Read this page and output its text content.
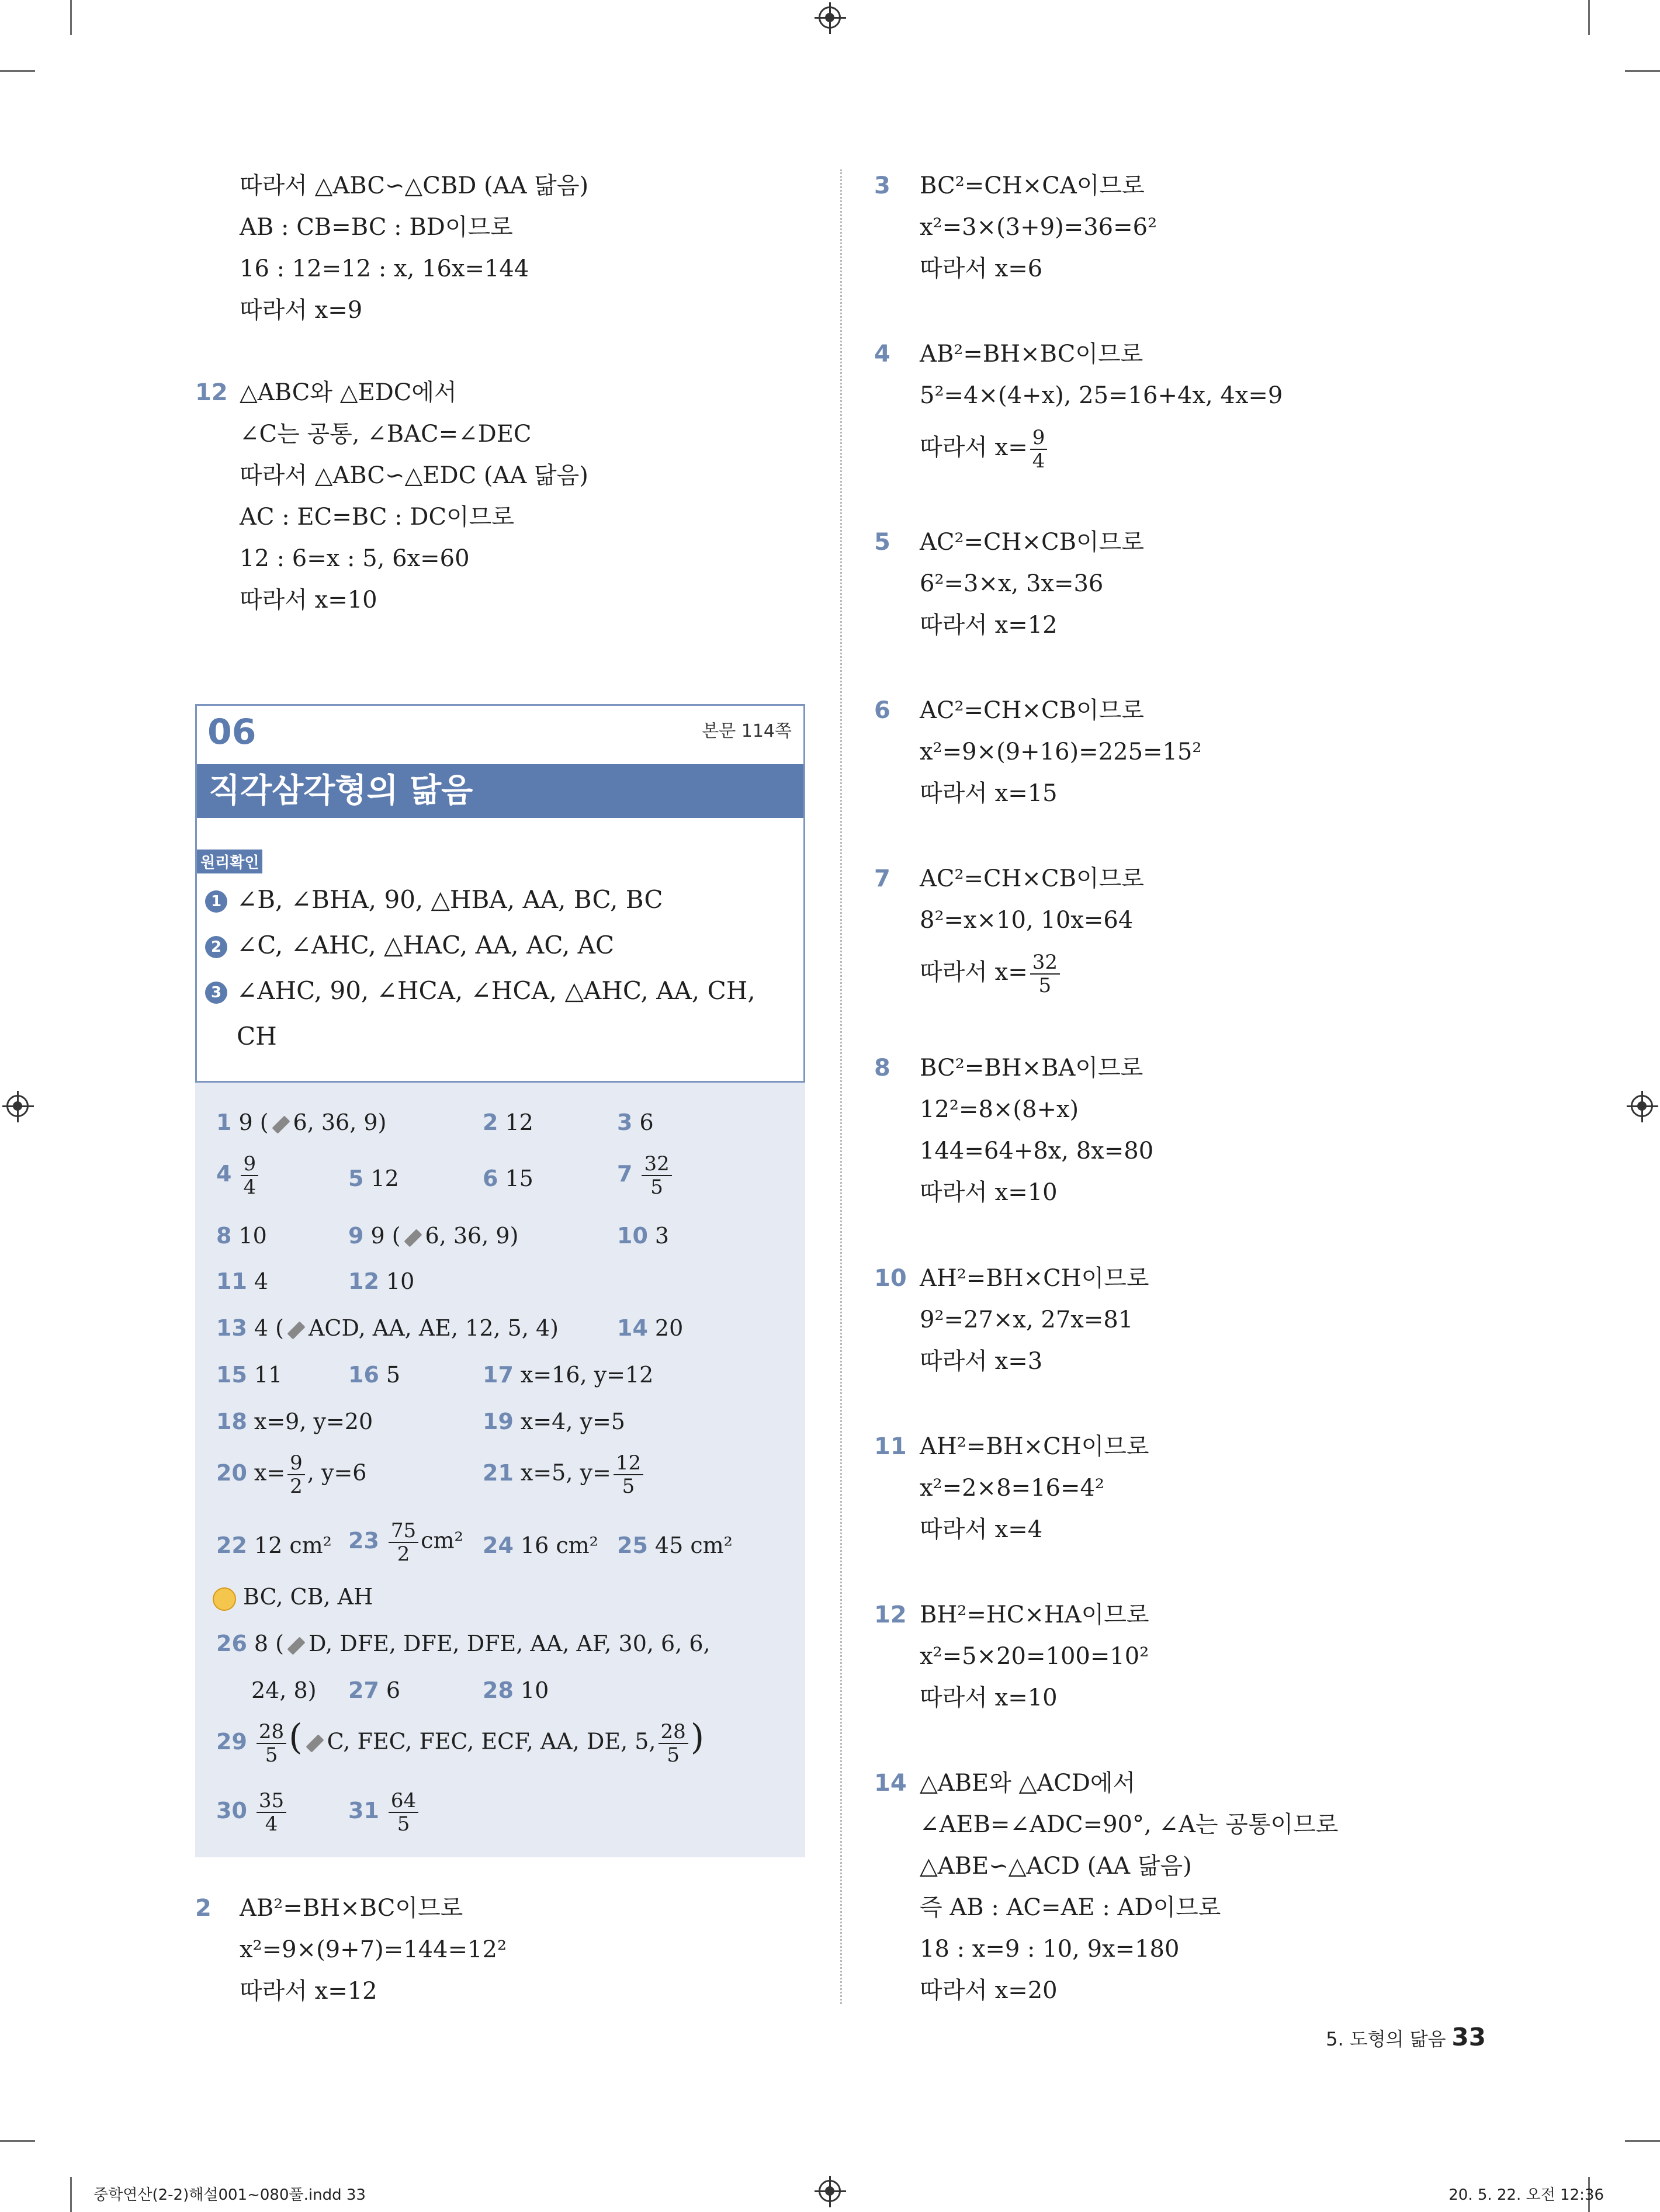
따라서 △ABC∽△CBD (AA 닮음)
AB : CB=BC : BD이므로
16 : 12=12 : x, 16x=144
따라서 x=9
12 △ABC와 △EDC에서
∠C는 공통, ∠BAC=∠DEC
따라서 △ABC∽△EDC (AA 닮음)
AC : EC=BC : DC이므로
12 : 6=x : 5, 6x=60
따라서 x=10
06	본문 114쪽
직각삼각형의 닮음
원리확인
1 ∠B, ∠BHA, 90, △HBA, AA, BC, BC
2 ∠C, ∠AHC, △HAC, AA, AC, AC
3 ∠AHC, 90, ∠HCA, ∠HCA, △AHC, AA, CH,
CH
1 9 ( 6, 36, 9)	2 12	3 6
$4 \frac{9}{4}$	5 12	6 15	$7 \frac{32}{5}$
8 10	9 9 ( 6, 36, 9)	10 3
11 4	12 10
13 4 ( ACD, AA, AE, 12, 5, 4)	14 20
15 11	16 5	17 x=16, y=12
18 x=9, y=20	19 x=4, y=5
20 $x= \frac{9}{2}$ , y=6	21 x=5, $y= \frac{12}{5}$
22 12 cm² $23 \frac{75}{2} cm^2$ 24 16 cm² 25 45 cm²
BC, CB, AH
26 8 ( D, DFE, DFE, DFE, AA, AF, 30, 6, 6,
24, 8) 27 6	28 10
$29 \frac{28}{5}$ ( C, FEC, FEC, ECF, AA, DE, 5, $\frac{28}{5}$ )
$30 \frac{35}{4}$	$31 \frac{64}{5}$
2 AB²=BH×BC이므로
x²=9×(9+7)=144=12²
따라서 x=12
3 BC²=CH×CA이므로
x²=3×(3+9)=36=6²
따라서 x=6
4 AB²=BH×BC이므로
5²=4×(4+x), 25=16+4x, 4x=9
따라서 $x= \frac{9}{4}$
5 AC²=CH×CB이므로
6²=3×x, 3x=36
따라서 x=12
6 AC²=CH×CB이므로
x²=9×(9+16)=225=15²
따라서 x=15
7 AC²=CH×CB이므로
8²=x×10, 10x=64
따라서 $x= \frac{32}{5}$
8 BC²=BH×BA이므로
12²=8×(8+x)
144=64+8x, 8x=80
따라서 x=10
10 AH²=BH×CH이므로
9²=27×x, 27x=81
따라서 x=3
11 AH²=BH×CH이므로
x²=2×8=16=4²
따라서 x=4
12 BH²=HC×HA이므로
x²=5×20=100=10²
따라서 x=10
14 △ABE와 △ACD에서
∠AEB=∠ADC=90°, ∠A는 공통이므로
△ABE∽△ACD (AA 닮음)
즉 AB : AC=AE : AD이므로
18 : x=9 : 10, 9x=180
따라서 x=20
5. 도형의 닮음 33
중학연산(2-2)해설001~080풀.indd 33	20. 5. 22. 오전 12:36
